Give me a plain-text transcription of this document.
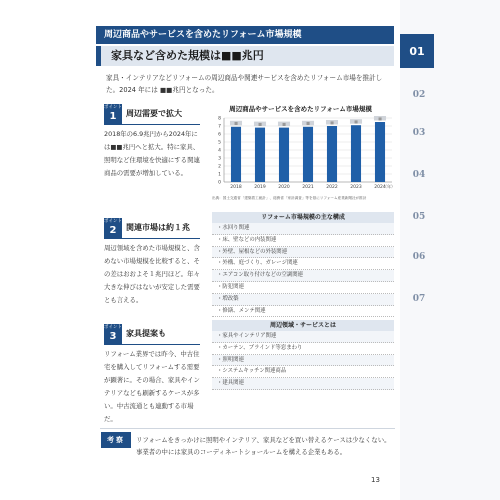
01
02
03
04
05
06
07
周辺商品やサービスを含めたリフォーム市場規模
家具など含めた規模は■■兆円
家具・インテリアなどリフォームの周辺商品や関連サービスを含めたリフォーム市場を推計した。2024 年には ■■兆円となった。
ポイント
1	周辺需要で拡大
2018年の6.9兆円から2024年には■■兆円へと拡大。特に家具、照明など住環境を快適にする関連商品の需要が増加している。
ポイント
2	関連市場は約１兆
周辺領域を含めた市場規模と、含めない市場規模を比較すると、その差はおおよそ１兆円ほど。年々大きな伸びはないが安定した需要とも言える。
ポイント
3	家具提案も
リフォーム業界では昨今、中古住宅を購入してリフォームする需要が顕著に。その場合、家具やインテリアなども刷新するケースが多い。中古流通とも連動する市場だ。
周辺商品やサービスを含めたリフォーム市場規模
0
1
2
3
4
5
6
7
8
■
2018
■
2019
■
2020
■
2021
■
2022
■
2023
■
2024
（年）
出典：国土交通省「建築着工統計」、総務省「家計調査」等を基にリフォーム産業新聞社が推計
リフォーム市場規模の主な構成
・水回り関連
・床、壁などの内装関連
・外壁、屋根などの外装関連
・外構、庭づくり、ガレージ関連
・エアコン取り付けなどの空調関連
・防犯関連
・増改築
・修繕、メンテ関連
周辺領域・サービスとは
・家具やインテリア関連
・カーテン、ブラインド等窓まわり
・照明関連
・システムキッチン関連商品
・建具関連
考察	リフォームをきっかけに照明やインテリア、家具などを買い替えるケースは少なくない。事業者の中には家具のコーディネートショールームを構える企業もある。
13
